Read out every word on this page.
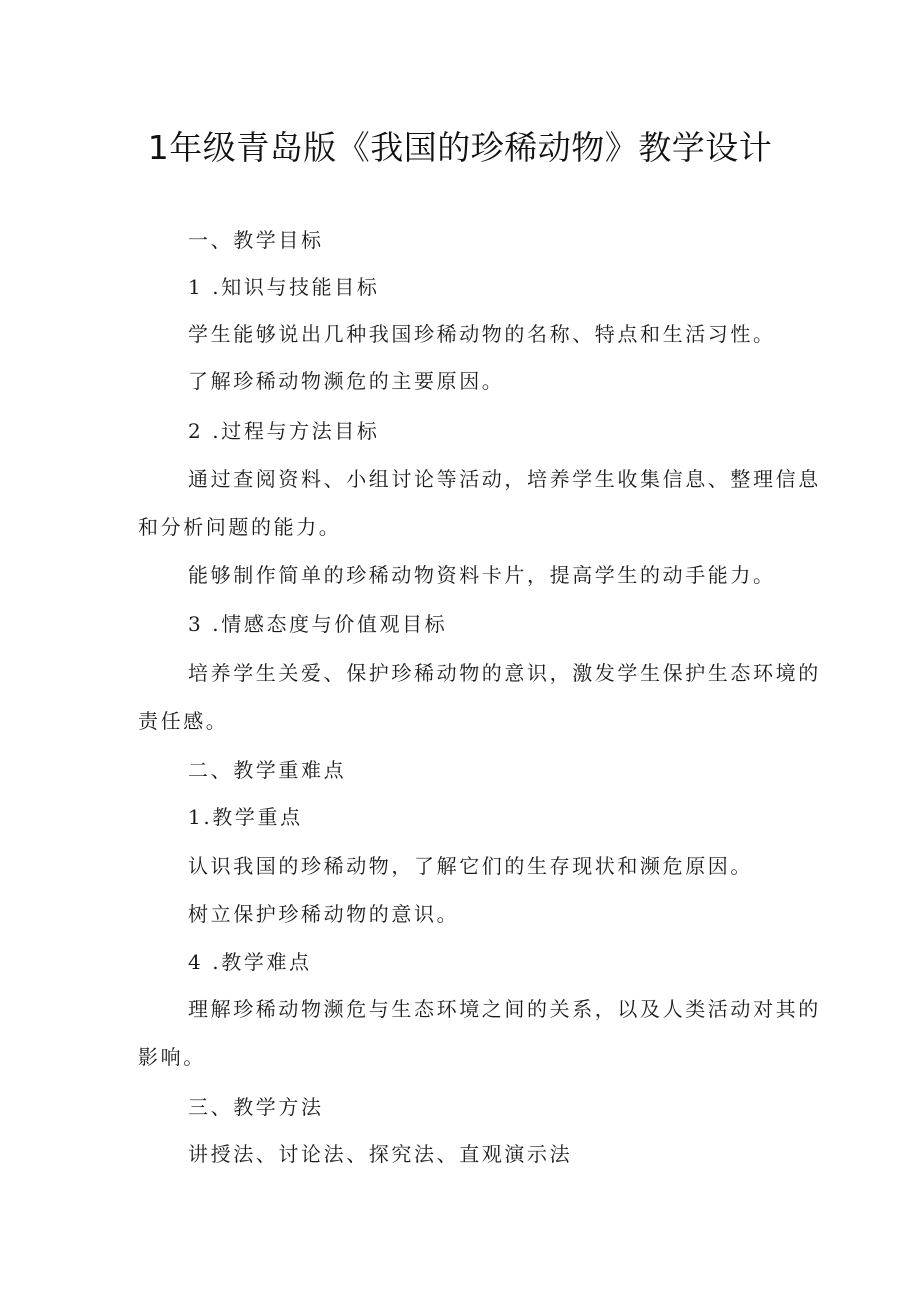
1年级青岛版《我国的珍稀动物》教学设计
一、教学目标
1 .知识与技能目标
学生能够说出几种我国珍稀动物的名称、特点和生活习性。
了解珍稀动物濒危的主要原因。
2 .过程与方法目标
通过查阅资料、小组讨论等活动，培养学生收集信息、整理信息
和分析问题的能力。
能够制作简单的珍稀动物资料卡片，提高学生的动手能力。
3 .情感态度与价值观目标
培养学生关爱、保护珍稀动物的意识，激发学生保护生态环境的
责任感。
二、教学重难点
1.教学重点
认识我国的珍稀动物，了解它们的生存现状和濒危原因。
树立保护珍稀动物的意识。
4 .教学难点
理解珍稀动物濒危与生态环境之间的关系，以及人类活动对其的
影响。
三、教学方法
讲授法、讨论法、探究法、直观演示法
